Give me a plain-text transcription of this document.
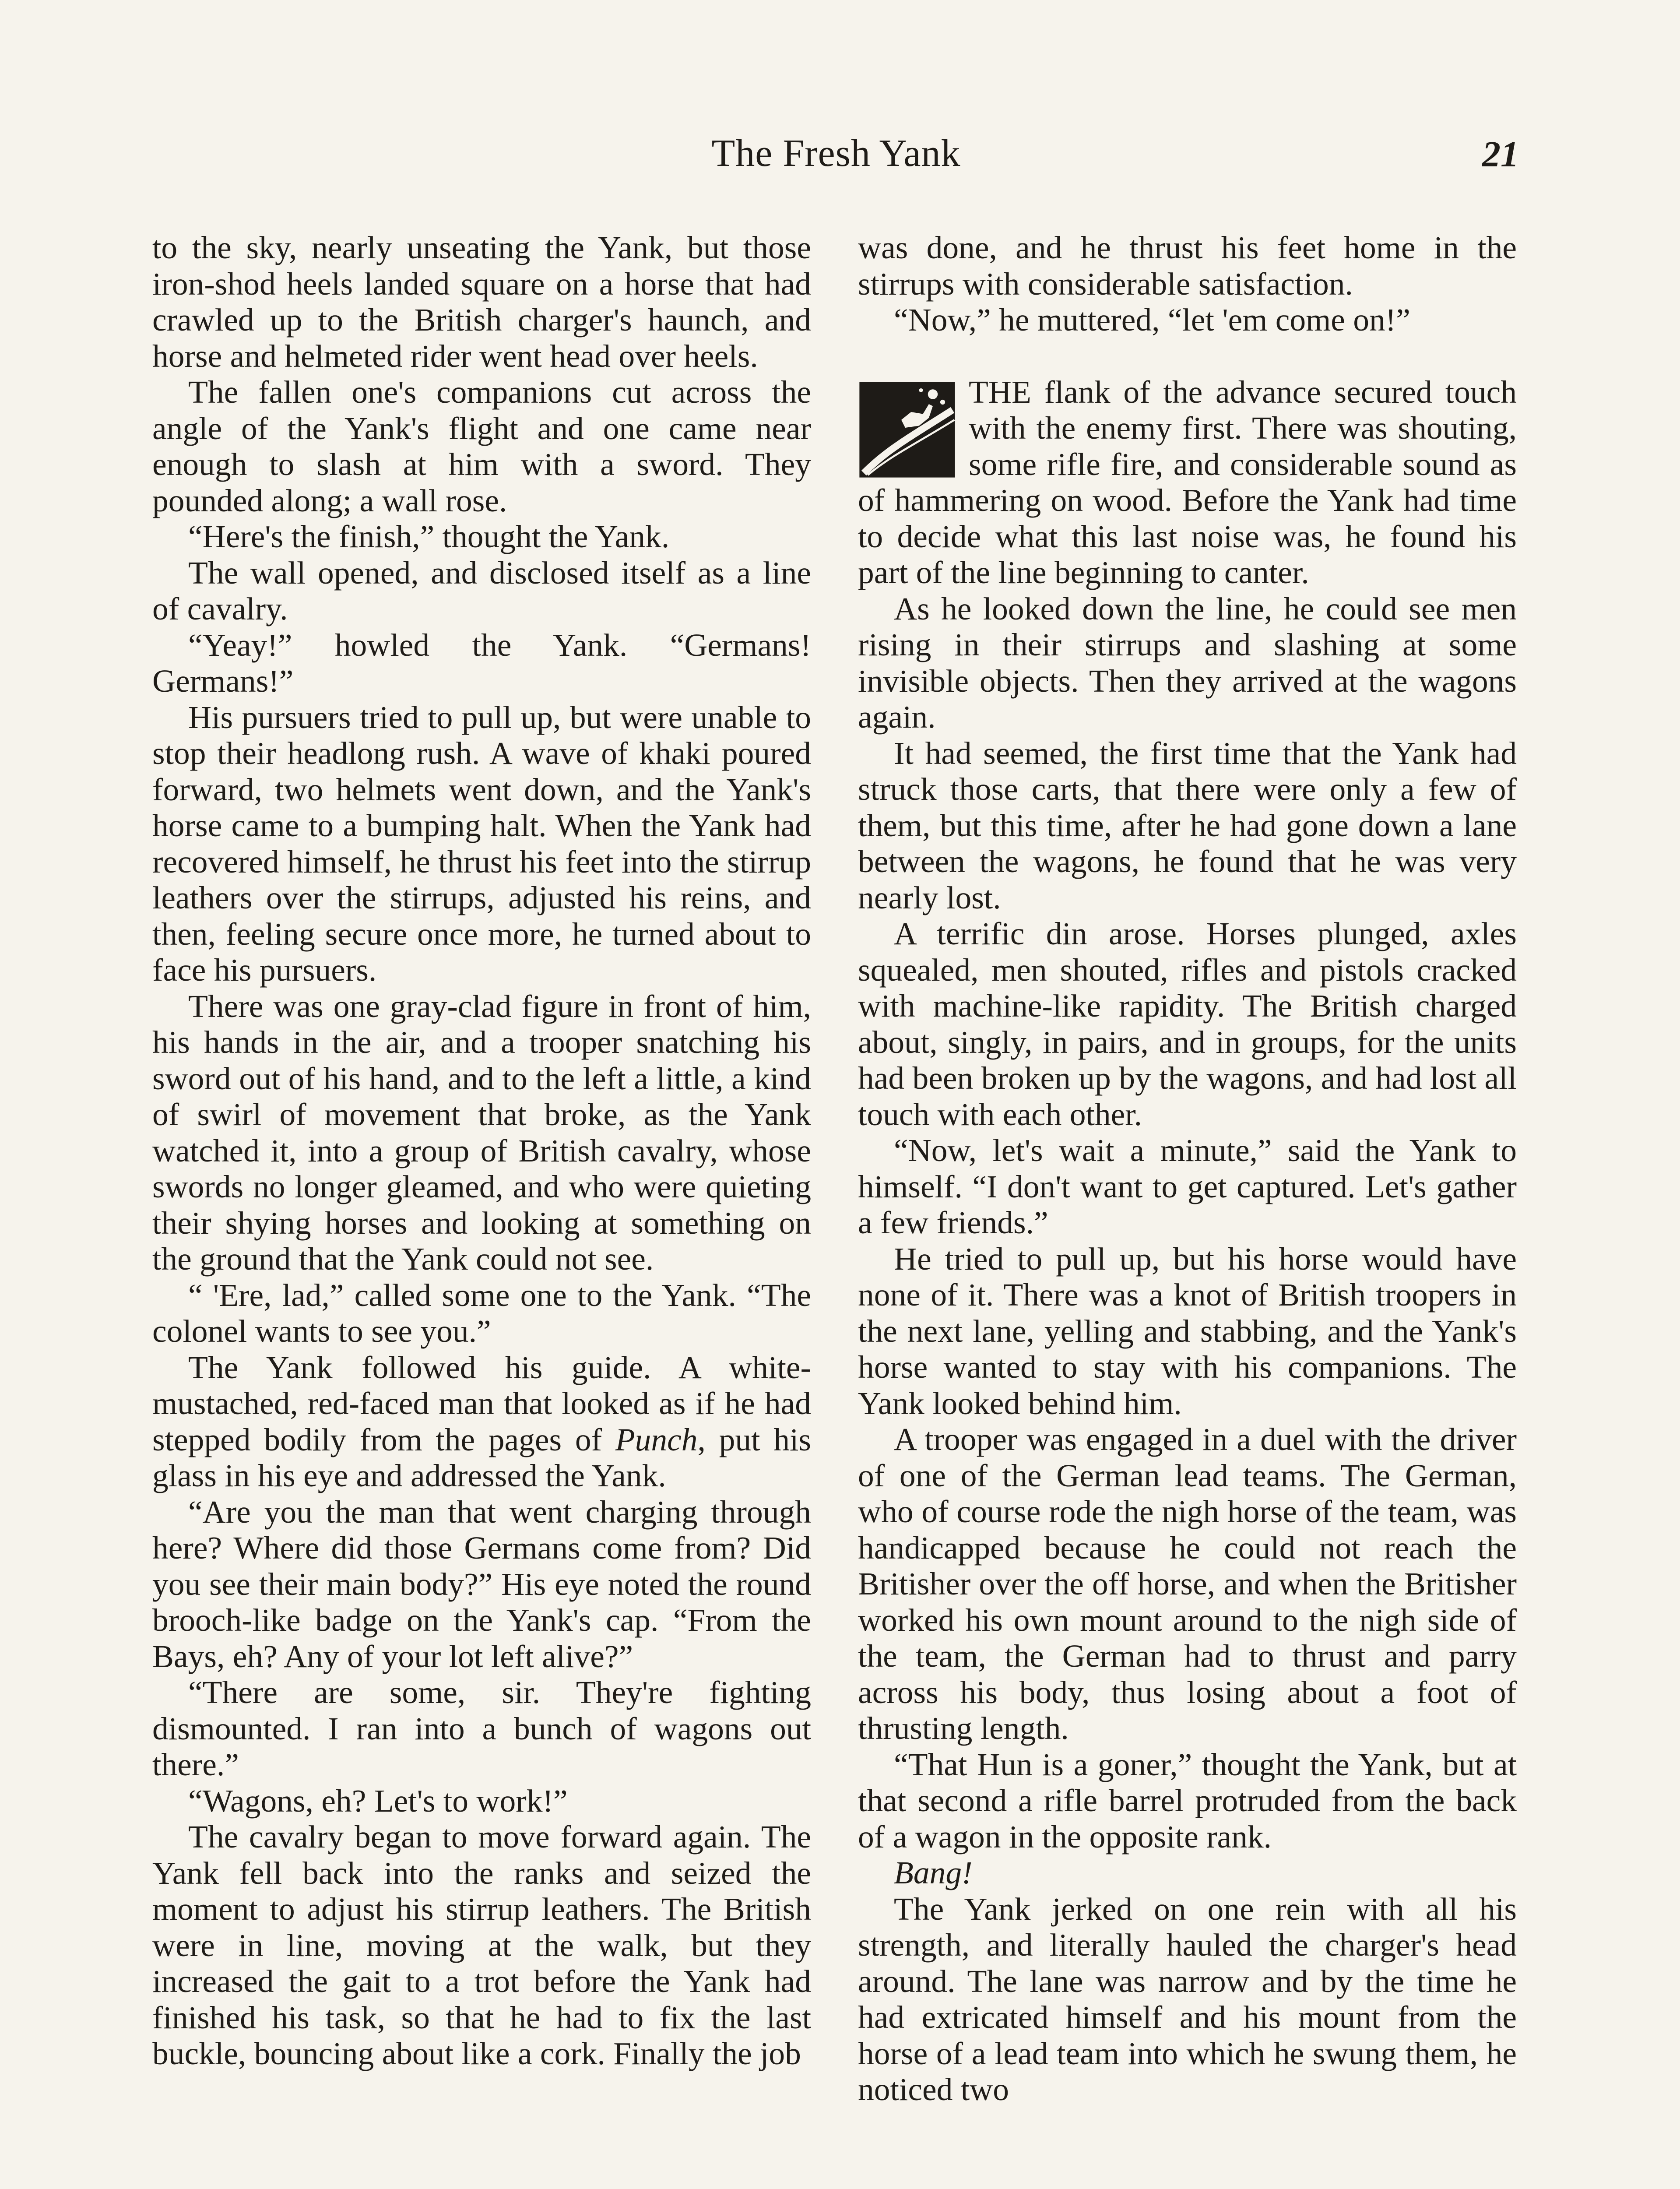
The Fresh Yank	21

to the sky, nearly unseating the Yank, but those iron-shod heels landed square on a horse that had crawled up to the British charger's haunch, and horse and helmeted rider went head over heels.

The fallen one's companions cut across the angle of the Yank's flight and one came near enough to slash at him with a sword. They pounded along; a wall rose.

“Here's the finish,” thought the Yank.

The wall opened, and disclosed itself as a line of cavalry.

“Yeay!” howled the Yank. “Germans! Germans!”

His pursuers tried to pull up, but were unable to stop their headlong rush. A wave of khaki poured forward, two helmets went down, and the Yank's horse came to a bumping halt. When the Yank had recovered himself, he thrust his feet into the stirrup leathers over the stirrups, adjusted his reins, and then, feeling secure once more, he turned about to face his pursuers.

There was one gray-clad figure in front of him, his hands in the air, and a trooper snatching his sword out of his hand, and to the left a little, a kind of swirl of movement that broke, as the Yank watched it, into a group of British cavalry, whose swords no longer gleamed, and who were quieting their shying horses and looking at something on the ground that the Yank could not see.

“ 'Ere, lad,” called some one to the Yank. “The colonel wants to see you.”

The Yank followed his guide. A white-mustached, red-faced man that looked as if he had stepped bodily from the pages of Punch, put his glass in his eye and addressed the Yank.

“Are you the man that went charging through here? Where did those Germans come from? Did you see their main body?” His eye noted the round brooch-like badge on the Yank's cap. “From the Bays, eh? Any of your lot left alive?”

“There are some, sir. They're fighting dismounted. I ran into a bunch of wagons out there.”

“Wagons, eh? Let's to work!”

The cavalry began to move forward again. The Yank fell back into the ranks and seized the moment to adjust his stirrup leathers. The British were in line, moving at the walk, but they increased the gait to a trot before the Yank had finished his task, so that he had to fix the last buckle, bouncing about like a cork. Finally the job

was done, and he thrust his feet home in the stirrups with considerable satisfaction.

“Now,” he muttered, “let 'em come on!”

THE flank of the advance secured touch with the enemy first. There was shouting, some rifle fire, and considerable sound as of hammering on wood. Before the Yank had time to decide what this last noise was, he found his part of the line beginning to canter.

As he looked down the line, he could see men rising in their stirrups and slashing at some invisible objects. Then they arrived at the wagons again.

It had seemed, the first time that the Yank had struck those carts, that there were only a few of them, but this time, after he had gone down a lane between the wagons, he found that he was very nearly lost.

A terrific din arose. Horses plunged, axles squealed, men shouted, rifles and pistols cracked with machine-like rapidity. The British charged about, singly, in pairs, and in groups, for the units had been broken up by the wagons, and had lost all touch with each other.

“Now, let's wait a minute,” said the Yank to himself. “I don't want to get captured. Let's gather a few friends.”

He tried to pull up, but his horse would have none of it. There was a knot of British troopers in the next lane, yelling and stabbing, and the Yank's horse wanted to stay with his companions. The Yank looked behind him.

A trooper was engaged in a duel with the driver of one of the German lead teams. The German, who of course rode the nigh horse of the team, was handicapped because he could not reach the Britisher over the off horse, and when the Britisher worked his own mount around to the nigh side of the team, the German had to thrust and parry across his body, thus losing about a foot of thrusting length.

“That Hun is a goner,” thought the Yank, but at that second a rifle barrel protruded from the back of a wagon in the opposite rank.

Bang!

The Yank jerked on one rein with all his strength, and literally hauled the charger's head around. The lane was narrow and by the time he had extricated himself and his mount from the horse of a lead team into which he swung them, he noticed two
